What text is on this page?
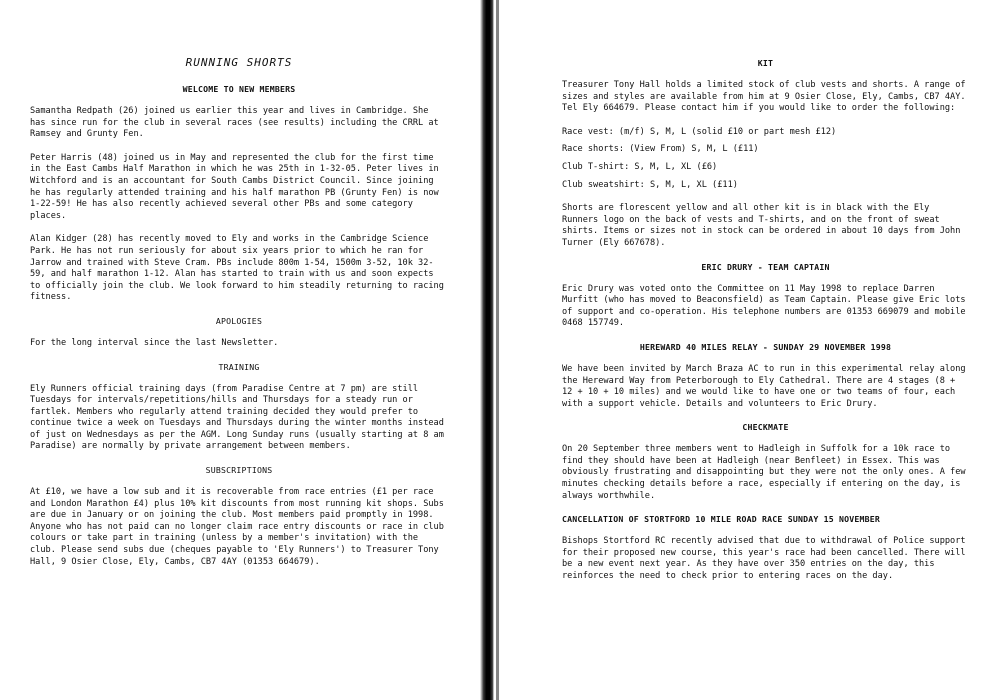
RUNNING SHORTS
WELCOME TO NEW MEMBERS

Samantha Redpath (26) joined us earlier this year and lives in Cambridge. She has since run for the club in several races (see results) including the CRRL at Ramsey and Grunty Fen.

Peter Harris (48) joined us in May and represented the club for the first time in the East Cambs Half Marathon in which he was 25th in 1-32-05. Peter lives in Witchford and is an accountant for South Cambs District Council. Since joining he has regularly attended training and his half marathon PB (Grunty Fen) is now 1-22-59! He has also recently achieved several other PBs and some category places.

Alan Kidger (28) has recently moved to Ely and works in the Cambridge Science Park. He has not run seriously for about six years prior to which he ran for Jarrow and trained with Steve Cram. PBs include 800m 1-54, 1500m 3-52, 10k 32-59, and half marathon 1-12. Alan has started to train with us and soon expects to officially join the club. We look forward to him steadily returning to racing fitness.

APOLOGIES

For the long interval since the last Newsletter.

TRAINING

Ely Runners official training days (from Paradise Centre at 7 pm) are still Tuesdays for intervals/repetitions/hills and Thursdays for a steady run or fartlek. Members who regularly attend training decided they would prefer to continue twice a week on Tuesdays and Thursdays during the winter months instead of just on Wednesdays as per the AGM. Long Sunday runs (usually starting at 8 am Paradise) are normally by private arrangement between members.

SUBSCRIPTIONS

At £10, we have a low sub and it is recoverable from race entries (£1 per race and London Marathon £4) plus 10% kit discounts from most running kit shops. Subs are due in January or on joining the club. Most members paid promptly in 1998. Anyone who has not paid can no longer claim race entry discounts or race in club colours or take part in training (unless by a member's invitation) with the club. Please send subs due (cheques payable to 'Ely Runners') to Treasurer Tony Hall, 9 Osier Close, Ely, Cambs, CB7 4AY (01353 664679).

KIT

Treasurer Tony Hall holds a limited stock of club vests and shorts. A range of sizes and styles are available from him at 9 Osier Close, Ely, Cambs, CB7 4AY. Tel Ely 664679. Please contact him if you would like to order the following:

Race vest: (m/f) S, M, L (solid £10 or part mesh £12)
Race shorts: (View From) S, M, L (£11)
Club T-shirt: S, M, L, XL (£6)
Club sweatshirt: S, M, L, XL (£11)

Shorts are florescent yellow and all other kit is in black with the Ely Runners logo on the back of vests and T-shirts, and on the front of sweat shirts. Items or sizes not in stock can be ordered in about 10 days from John Turner (Ely 667678).

ERIC DRURY - TEAM CAPTAIN

Eric Drury was voted onto the Committee on 11 May 1998 to replace Darren Murfitt (who has moved to Beaconsfield) as Team Captain. Please give Eric lots of support and co-operation. His telephone numbers are 01353 669079 and mobile 0468 157749.

HEREWARD 40 MILES RELAY - SUNDAY 29 NOVEMBER 1998

We have been invited by March Braza AC to run in this experimental relay along the Hereward Way from Peterborough to Ely Cathedral. There are 4 stages (8 + 12 + 10 + 10 miles) and we would like to have one or two teams of four, each with a support vehicle. Details and volunteers to Eric Drury.

CHECKMATE

On 20 September three members went to Hadleigh in Suffolk for a 10k race to find they should have been at Hadleigh (near Benfleet) in Essex. This was obviously frustrating and disappointing but they were not the only ones. A few minutes checking details before a race, especially if entering on the day, is always worthwhile.

CANCELLATION OF STORTFORD 10 MILE ROAD RACE SUNDAY 15 NOVEMBER

Bishops Stortford RC recently advised that due to withdrawal of Police support for their proposed new course, this year's race had been cancelled. There will be a new event next year. As they have over 350 entries on the day, this reinforces the need to check prior to entering races on the day.
